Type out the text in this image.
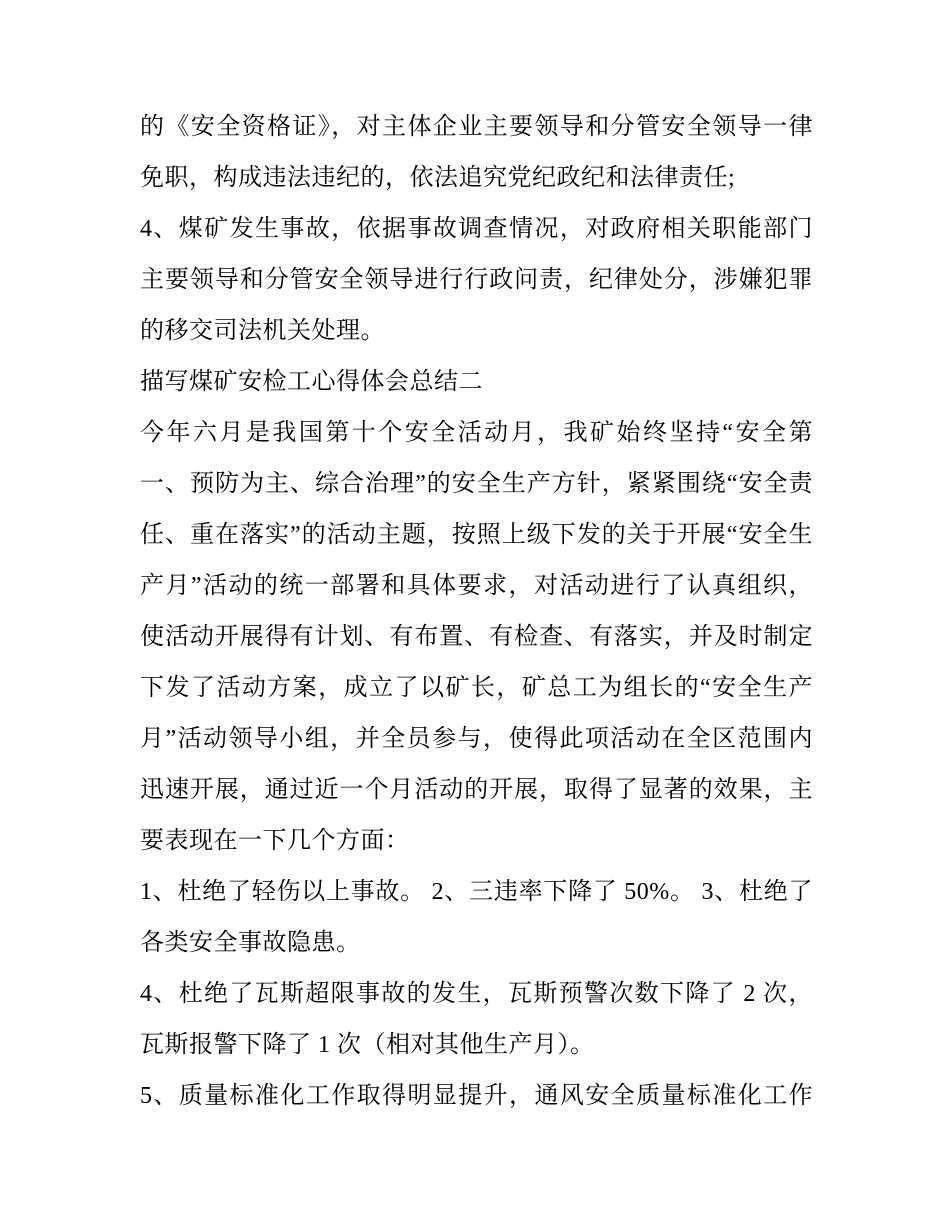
的《安全资格证》，对主体企业主要领导和分管安全领导一律
免职，构成违法违纪的，依法追究党纪政纪和法律责任;
4、煤矿发生事故，依据事故调查情况，对政府相关职能部门
主要领导和分管安全领导进行行政问责，纪律处分，涉嫌犯罪
的移交司法机关处理。
描写煤矿安检工心得体会总结二
今年六月是我国第十个安全活动月，我矿始终坚持“安全第
一、预防为主、综合治理”的安全生产方针，紧紧围绕“安全责
任、重在落实”的活动主题，按照上级下发的关于开展“安全生
产月”活动的统一部署和具体要求，对活动进行了认真组织，
使活动开展得有计划、有布置、有检查、有落实，并及时制定
下发了活动方案，成立了以矿长，矿总工为组长的“安全生产
月”活动领导小组，并全员参与，使得此项活动在全区范围内
迅速开展，通过近一个月活动的开展，取得了显著的效果，主
要表现在一下几个方面：
1、杜绝了轻伤以上事故。 2、三违率下降了 50%。 3、杜绝了
各类安全事故隐患。
4、杜绝了瓦斯超限事故的发生，瓦斯预警次数下降了 2 次，
瓦斯报警下降了 1 次（相对其他生产月）。
5、质量标准化工作取得明显提升，通风安全质量标准化工作
